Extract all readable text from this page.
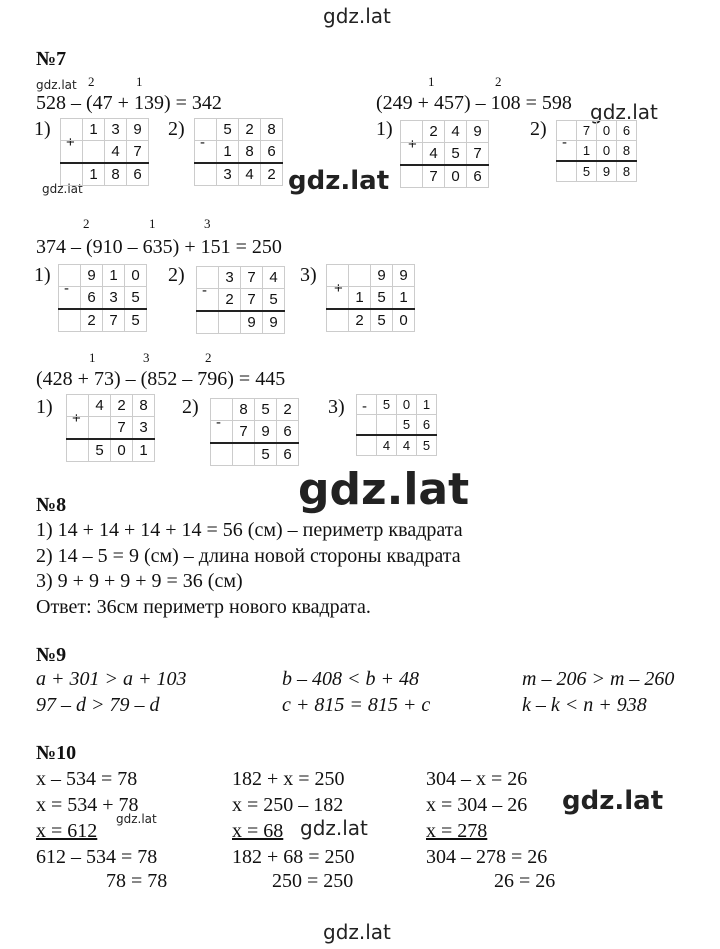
gdz.lat
gdz.lat
gdz.lat
gdz.lat	gdz.lat
gdz.lat
gdz.lat
gdz.lat	gdz.lat
gdz.lat
№7
2	1
528 – (47 + 139) = 342
1)
+
	1	3	9
		4	7
	1	8	6
2)
-
	5	2	8
	1	8	6
	3	4	2
1	2
(249 + 457) – 108 = 598
1)
+
	2	4	9
	4	5	7
	7	0	6
2)
-
	7	0	6
	1	0	8
	5	9	8
2	1	3
374 – (910 – 635) + 151 = 250
1)
-
	9	1	0
	6	3	5
	2	7	5
2)
-
	3	7	4
	2	7	5
		9	9
3)
+
		9	9
	1	5	1
	2	5	0
1	3	2
(428 + 73) – (852 – 796) = 445
1)
+
	4	2	8
		7	3
	5	0	1
2)
-
	8	5	2
	7	9	6
		5	6
3) -
	5	0	1
		5	6
	4	4	5
№8
1) 14 + 14 + 14 + 14 = 56 (см) – периметр квадрата
2) 14 – 5 = 9 (см) – длина новой стороны квадрата
3) 9 + 9 + 9 + 9 = 36 (см)
Ответ: 36см периметр нового квадрата.
№9
a + 301 > a + 103	b – 408 < b + 48	m – 206 > m – 260
97 – d > 79 – d	c + 815 = 815 + c	k – k < n + 938
№10
x – 534 = 78
x = 534 + 78
x = 612
612 – 534 = 78
78 = 78
182 + x = 250
x = 250 – 182
x = 68
182 + 68 = 250
250 = 250
304 – x = 26
x = 304 – 26
x = 278
304 – 278 = 26
26 = 26
